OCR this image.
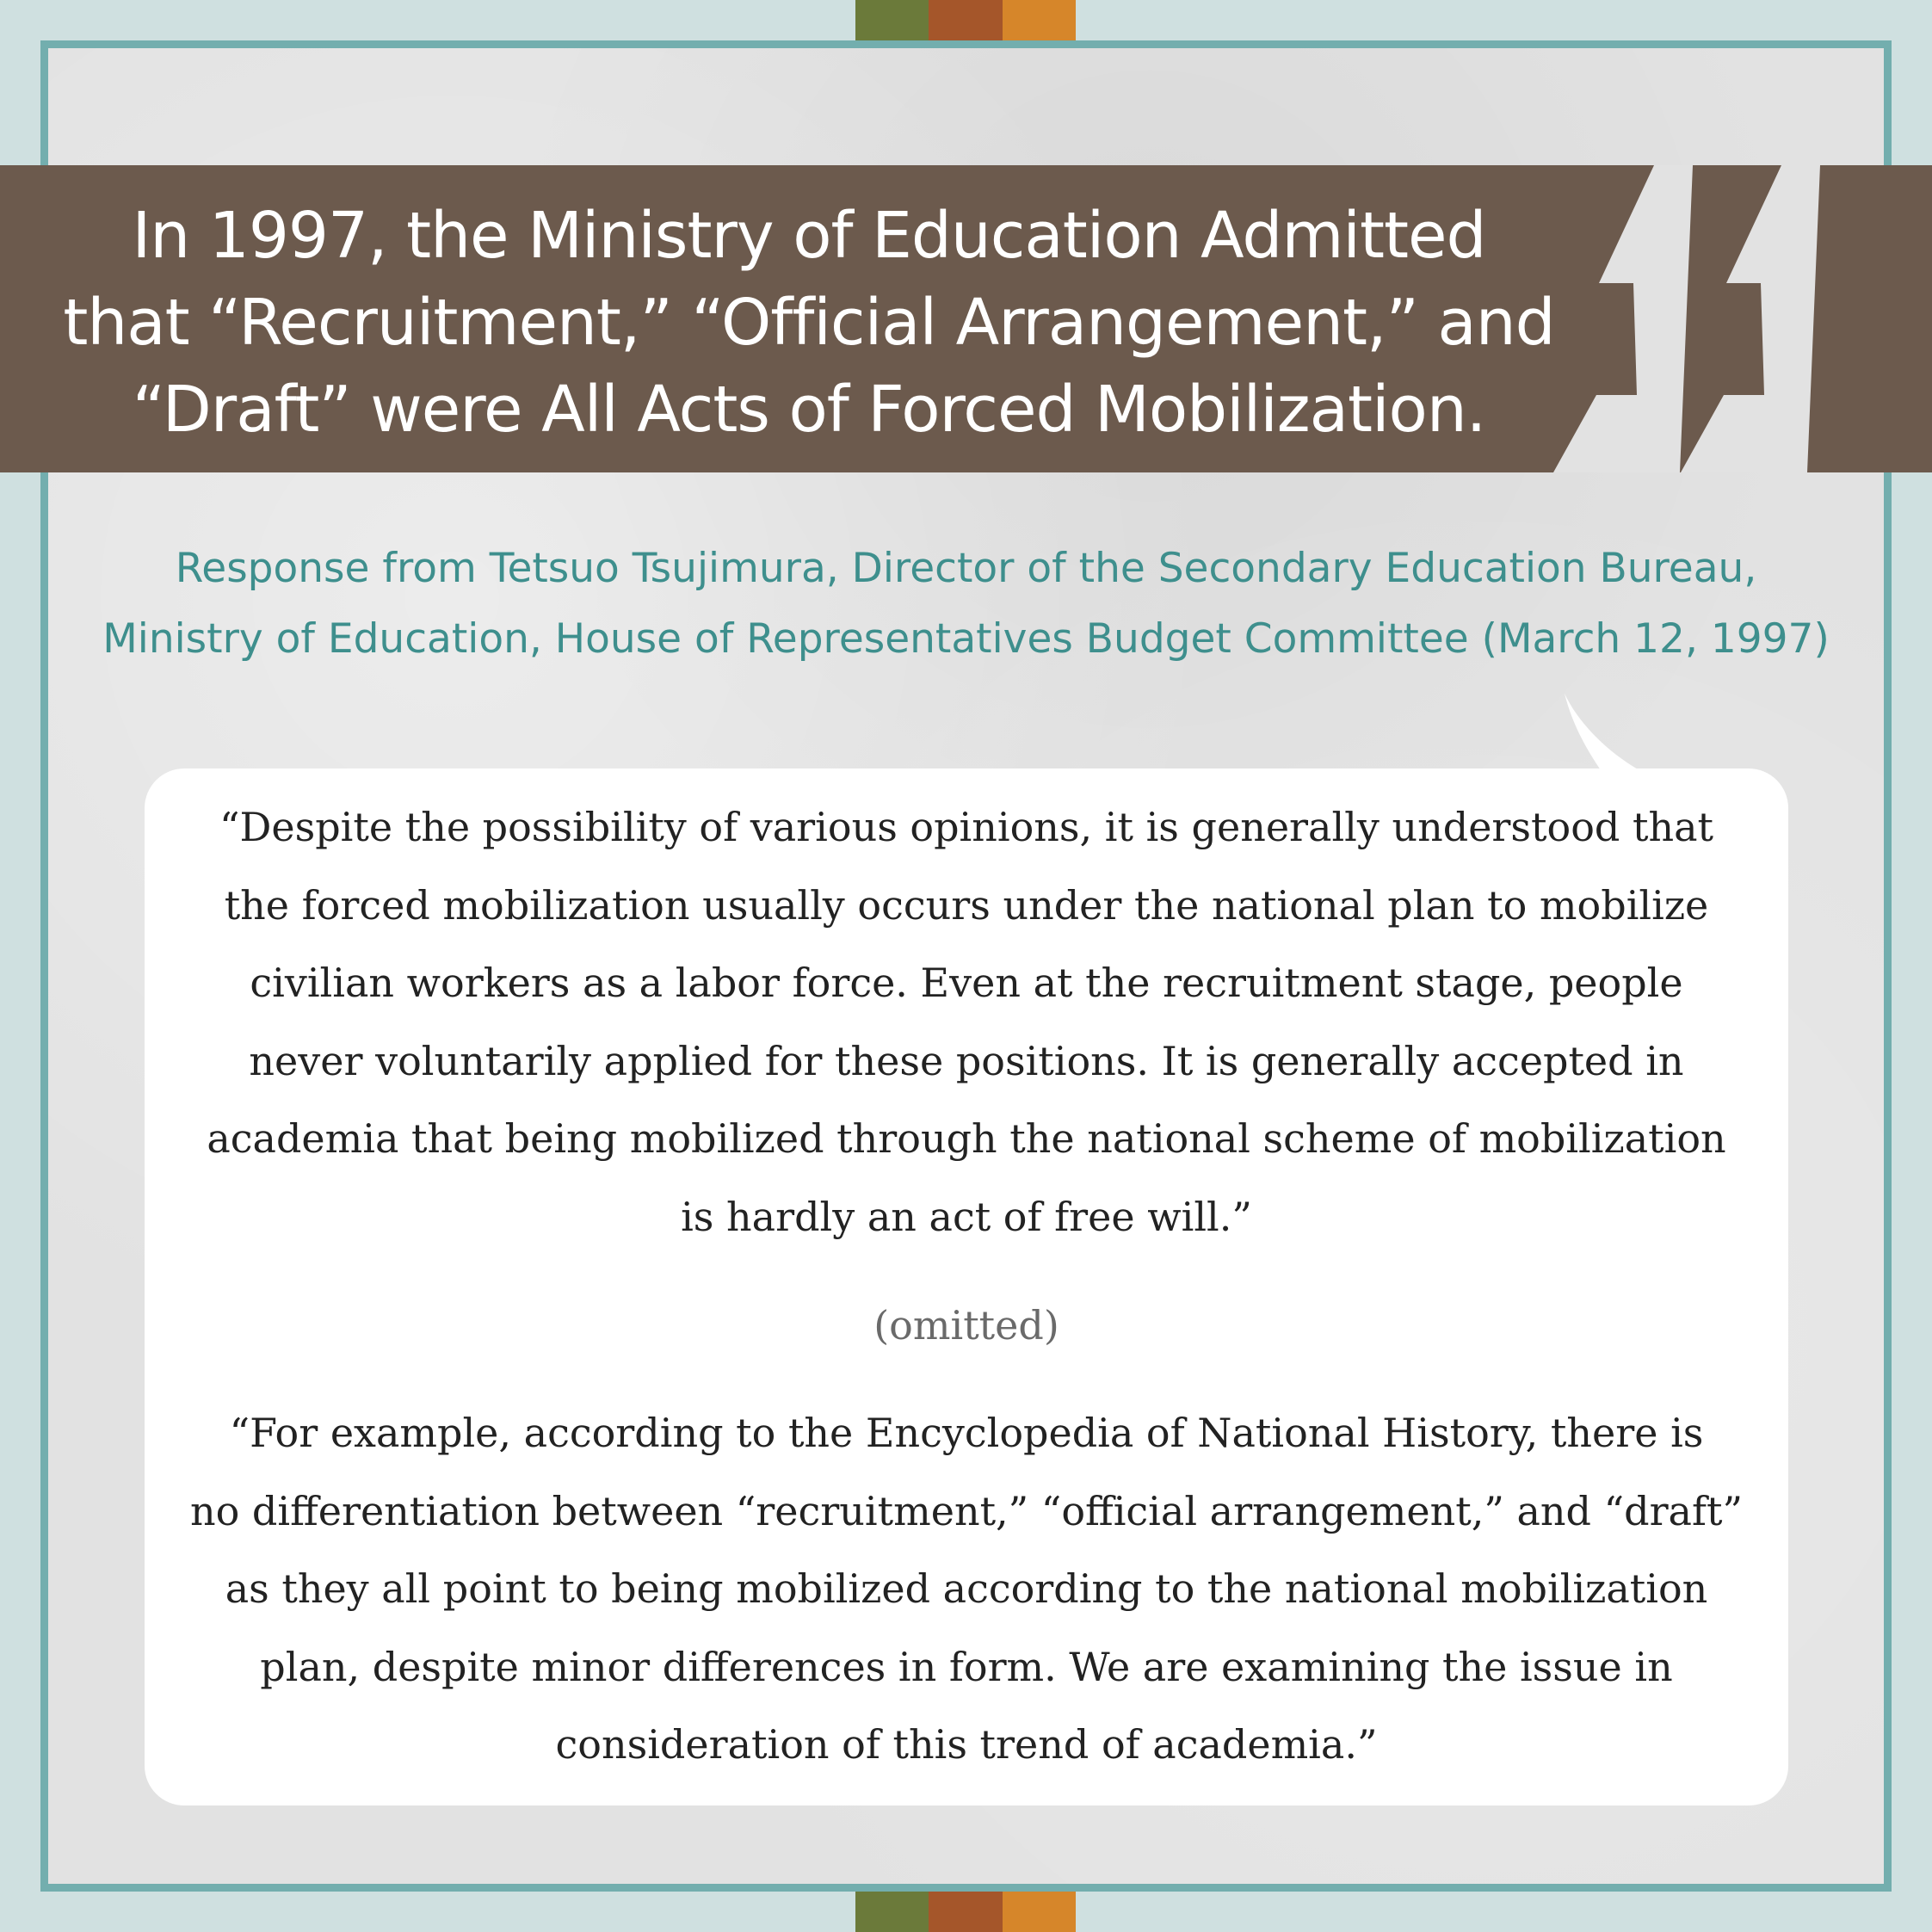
In 1997, the Ministry of Education Admitted
that “Recruitment,” “Official Arrangement,” and
“Draft” were All Acts of Forced Mobilization.
Response from Tetsuo Tsujimura, Director of the Secondary Education Bureau,
Ministry of Education, House of Representatives Budget Committee (March 12, 1997)

“Despite the possibility of various opinions, it is generally understood that
the forced mobilization usually occurs under the national plan to mobilize
civilian workers as a labor force. Even at the recruitment stage, people
never voluntarily applied for these positions. It is generally accepted in
academia that being mobilized through the national scheme of mobilization
is hardly an act of free will.”

(omitted)

“For example, according to the Encyclopedia of National History, there is
no differentiation between “recruitment,” “official arrangement,” and “draft”
as they all point to being mobilized according to the national mobilization
plan, despite minor differences in form. We are examining the issue in
consideration of this trend of academia.”
